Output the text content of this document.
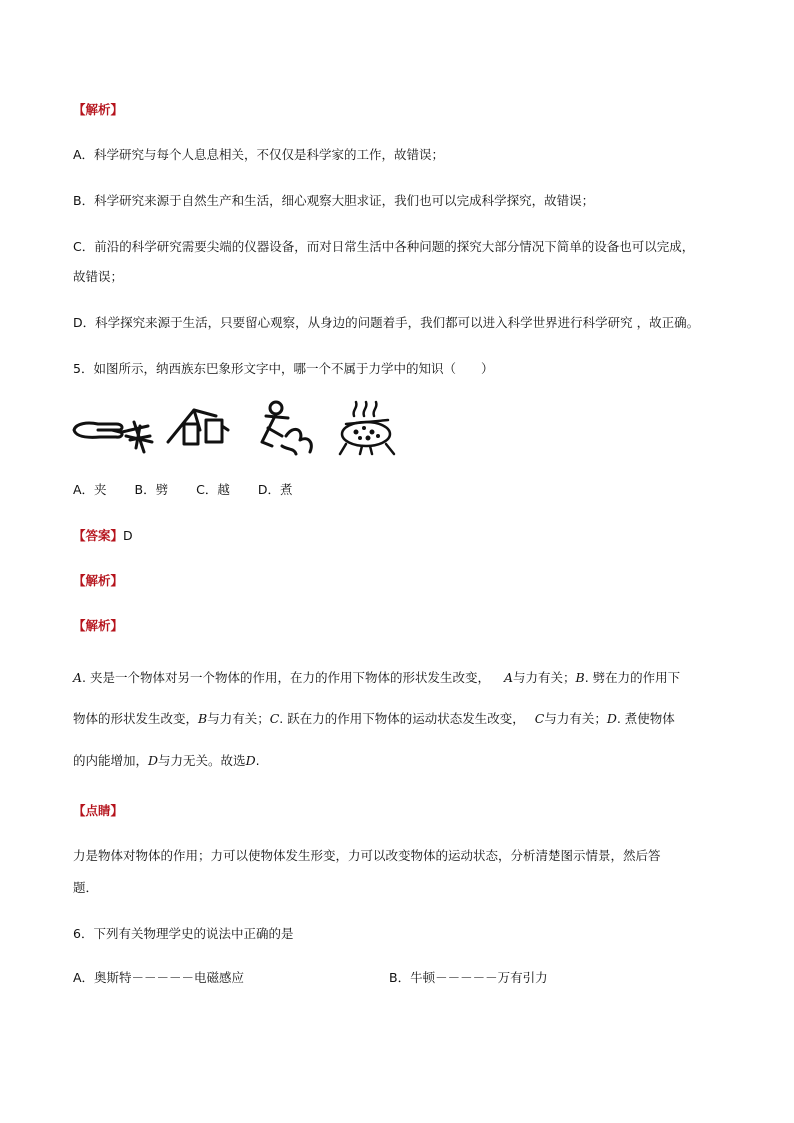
【解析】
A．科学研究与每个人息息相关，不仅仅是科学家的工作，故错误；
B．科学研究来源于自然生产和生活，细心观察大胆求证，我们也可以完成科学探究，故错误；
C．前沿的科学研究需要尖端的仪器设备，而对日常生活中各种问题的探究大部分情况下简单的设备也可以完成，
故错误；
D．科学探究来源于生活，只要留心观察，从身边的问题着手，我们都可以进入科学世界进行科学研究 ，故正确。
5．如图所示，纳西族东巴象形文字中，哪一个不属于力学中的知识（　　）
A．夹 B．劈 C．越 D．煮
【答案】D
【解析】
【解析】
A. 夹是一个物体对另一个物体的作用，在力的作用下物体的形状发生改变， A与力有关；B. 劈在力的作用下
物体的形状发生改变，B与力有关；C. 跃在力的作用下物体的运动状态发生改变， C与力有关；D. 煮使物体
的内能增加，D与力无关。故选D.
【点睛】
力是物体对物体的作用；力可以使物体发生形变，力可以改变物体的运动状态，分析清楚图示情景，然后答
题．
6．下列有关物理学史的说法中正确的是
A．奥斯特－－－－－电磁感应	B．牛顿－－－－－万有引力
